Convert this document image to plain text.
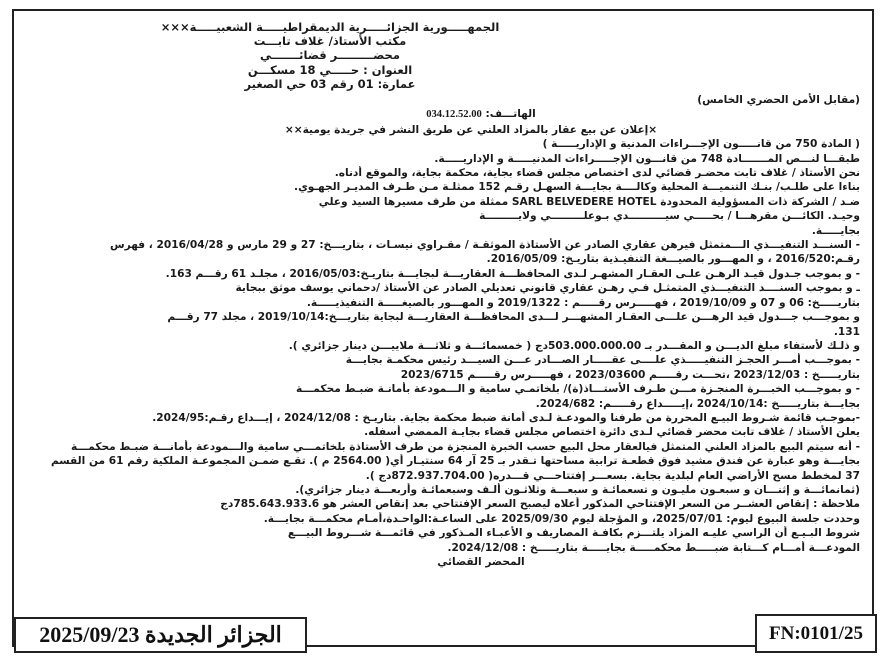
الجمهـــــورية الجزائـــــرية الديمقراطيـــــة الشعبيـــــة×××
مكتب الأستاذ/ غلاف تابـــت
محضـــــــــر قضائـــــــي
العنوان : حـــــي 18 مسكـــن
عمارة: 01 رقم 03 حي الصغير
(مقابل الأمن الحضري الخامس)
الهاتـــف: 034.12.52.00
×إعلان عن بيع عقار بالمزاد العلني عن طريق النشر في جريدة يومية××
( المادة 750 من قانـــــون الإجـــراءات المدنية و الإداريـــــة )
طبقـــا لنـــص المـــــــادة 748 من قانـــون الإجـــــراءات المدنيـــــة و الإداريـــــة.
نحن الأستاذ / غلاف تابت محضـر قضائي لدى اختصاص مجلس قضاء بجاية، محكمة بجاية، والموقع أدناه.
بناءا على طلـب/ بنـك التنميـــة المحلية وكالــــة بجايـــة السهـل رقـم 152 ممثلـة مـن طـرف المديـر الجهـوي.
ضـد / الشركة ذات المسؤولية المحدودة SARL BELVEDERE HOTEL ممثلة من طرف مسيرها السيد وعلي
وحيـد. الكائـــن مقرهـــا / بحـــــي سيــــــــــدي بـوعلـــــــــي ولايـــــــــة
بجايـــــة.
- السنـــد التنفيـــذي الـــمتمثل فيرهن عقاري الصادر عن الأستاذة الموثقـة / مقـراوي نيسـات ، بتاريـــخ: 27 و 29 مارس و 2016/04/28 ، فهرس
رقـم:2016/520 ، و المهـــور بالصيـــغة التنفيـذية بتاريـخ: 2016/05/09.
- و بموجب جـدول قيـد الرهـن علـى العقـار المشهـر لـدى المحافظـــة العقاريـــة لبجايـــة بتاريـخ:2016/05/03 ، مجلـد 61 رقـــم 163.
ـ و بموجب السنــــد التنفيـــذي المتمثـل فـي رهـن عقاري قانوني تعديلي الصادر عن الأستاذ /دحماني يوسف موثق ببجاية
بتاريـــــخ: 06 و 07 و 2019/10/09 ، فهـــــرس رقـــــم : 2019/1322 و المهـــور بالصيغـــــة التنفيذيـــــة.
و بموجـــب جـــدول قيد الرهـــن علـــى العقـار المشهـــر لـــدى المحافظـــة العقاريـــة لبجاية بتاريـــخ:2019/10/14 ، مجلد 77 رقـــم
131.
و ذلـك لأستفاء مبلغ الديـــن و المقـــدر بـ 503.000.000.00دج ( خمسمائـــة و ثلاثـــة ملاييـــن دينار جزائري ).
- بموجـــب أمـــر الحجـز التنفيـــــذي علــــى عقـــــار الصـــادر عـــن السيـــد رئيس محكمـة بجايـــة
بتاريـــــخ : 2023/12/03 ،تحـــت رقـــــم 2023/03600 ، فهـــــرس رقـــــم 2023/6715
- و بموجـــب الخبـــرة المنجـزة مـــن طـرف الأستـــاذ(ة)/ بلخاتمـي سامية و الـــمودعة بأمانـة ضبـط محكمـــة
بجايـــة بتاريـــــخ :2024/10/14 ،إيـــــداع رقـــــم: 2024/682.
-بموجـب قائمة شـروط البيـع المحررة من طرفنا والمودعـة لـدى أمانة ضبط محكمة بجاية. بتاريـخ : 2024/12/08 ، إيـــداع رقـم:2024/95.
يعلن الأستاذ / غلاف تابت محضر قضائي لـدى دائرة اختصاص مجلس قضاء بجايـة الممضي أسفله.
- أنه سيتم البيع بالمزاد العلني المتمثل فيالعقار محل البيع حسب الخبرة المنجزة من طرف الأستاذة بلخاتمـــي سامية والـــمودعة بأمانـــة ضبـط محكمـــة
بجايـــة وهو عبارة عن فندق مشيد فوق قطعـة ترابية مساحتها تـقدر بـ 25 آر 64 سنتيـار أي( 2564.00 م ). تقـع ضمـن المجموعـة الملكية رقم 61 من القسم
37 لمخطط مسح الأراضي العام لبلدية بجاية. بسعـــر إفتتاحـــي قـــدره( 872.937.704.00دج ).
(ثمانمائـــة و إثنـــان و سبعـون مليـون و تسعمائـة و سبعـــة وثلاثـون ألـف وسبعمائـة وأربعـــة دينار جزائري).
ملاحظة : إنقاص العشــر من السعر الإفتتاحي المذكور أعلاه ليصبح السعر الإفتتاحي بعد إنقاص العشر هو 785.643.933.6دج
وحددت جلسة البيوع ليوم: 2025/07/01، و المؤجلة ليوم 2025/09/30 على الساعـة:الواحـدة،أمـام محكمـــة بجايـــة.
شروط البـيـع أن الراسي عليـه المزاد يلتـــزم بكافـة المصاريف و الأعبـاء المـذكور في قائمـــة شـــروط البيـــع
المودعـــة أمـــام كـــتابة ضبـــــط محكمـــــة بجايـــــة بتاريـــــخ : 2024/12/08.
المحضر القضائي
الجزائر الجديدة 2025/09/23	FN:0101/25
